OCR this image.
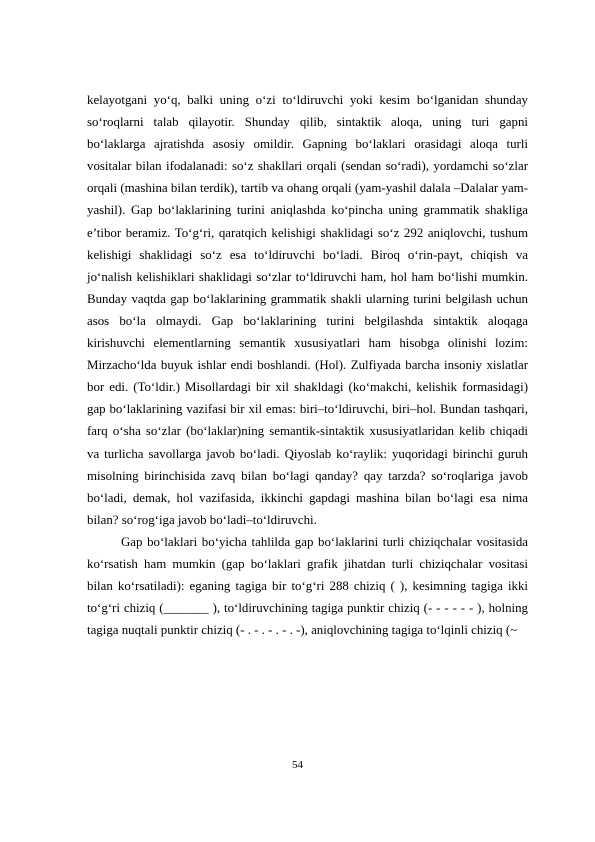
kelayotgani yo‘q, balki uning o‘zi to‘ldiruvchi yoki kesim bo‘lganidan shunday so‘roqlarni talab qilayotir. Shunday qilib, sintaktik aloqa, uning turi gapni bo‘laklarga ajratishda asosiy omildir. Gapning bo‘laklari orasidagi aloqa turli vositalar bilan ifodalanadi: so‘z shakllari orqali (sendan so‘radi), yordamchi so‘zlar orqali (mashina bilan terdik), tartib va ohang orqali (yam-yashil dalala –Dalalar yam-yashil). Gap bo‘laklarining turini aniqlashda ko‘pincha uning grammatik shakliga e’tibor beramiz. To‘g‘ri, qaratqich kelishigi shaklidagi so‘z 292 aniqlovchi, tushum kelishigi shaklidagi so‘z esa to‘ldiruvchi bo‘ladi. Biroq o‘rin-payt, chiqish va jo‘nalish kelishiklari shaklidagi so‘zlar to‘ldiruvchi ham, hol ham bo‘lishi mumkin. Bunday vaqtda gap bo‘laklarining grammatik shakli ularning turini belgilash uchun asos bo‘la olmaydi. Gap bo‘laklarining turini belgilashda sintaktik aloqaga kirishuvchi elementlarning semantik xususiyatlari ham hisobga olinishi lozim: Mirzacho‘lda buyuk ishlar endi boshlandi. (Hol). Zulfiyada barcha insoniy xislatlar bor edi. (To‘ldir.) Misollardagi bir xil shakldagi (ko‘makchi, kelishik formasidagi) gap bo‘laklarining vazifasi bir xil emas: biri–to‘ldiruvchi, biri–hol. Bundan tashqari, farq o‘sha so‘zlar (bo‘laklar)ning semantik-sintaktik xususiyatlaridan kelib chiqadi va turlicha savollarga javob bo‘ladi. Qiyoslab ko‘raylik: yuqoridagi birinchi guruh misolning birinchisida zavq bilan bo‘lagi qanday? qay tarzda? so‘roqlariga javob bo‘ladi, demak, hol vazifasida, ikkinchi gapdagi mashina bilan bo‘lagi esa nima bilan? so‘rog‘iga javob bo‘ladi–to‘ldiruvchi.

Gap bo‘laklari bo‘yicha tahlilda gap bo‘laklarini turli chiziqchalar vositasida ko‘rsatish ham mumkin (gap bo‘laklari grafik jihatdan turli chiziqchalar vositasi bilan ko‘rsatiladi): eganing tagiga bir to‘g‘ri 288 chiziq ( ), kesimning tagiga ikki to‘g‘ri chiziq (_______ ), to‘ldiruvchining tagiga punktir chiziq (- - - - - - ), holning tagiga nuqtali punktir chiziq (- . - . - . - . -), aniqlovchining tagiga to‘lqinli chiziq (~

54
